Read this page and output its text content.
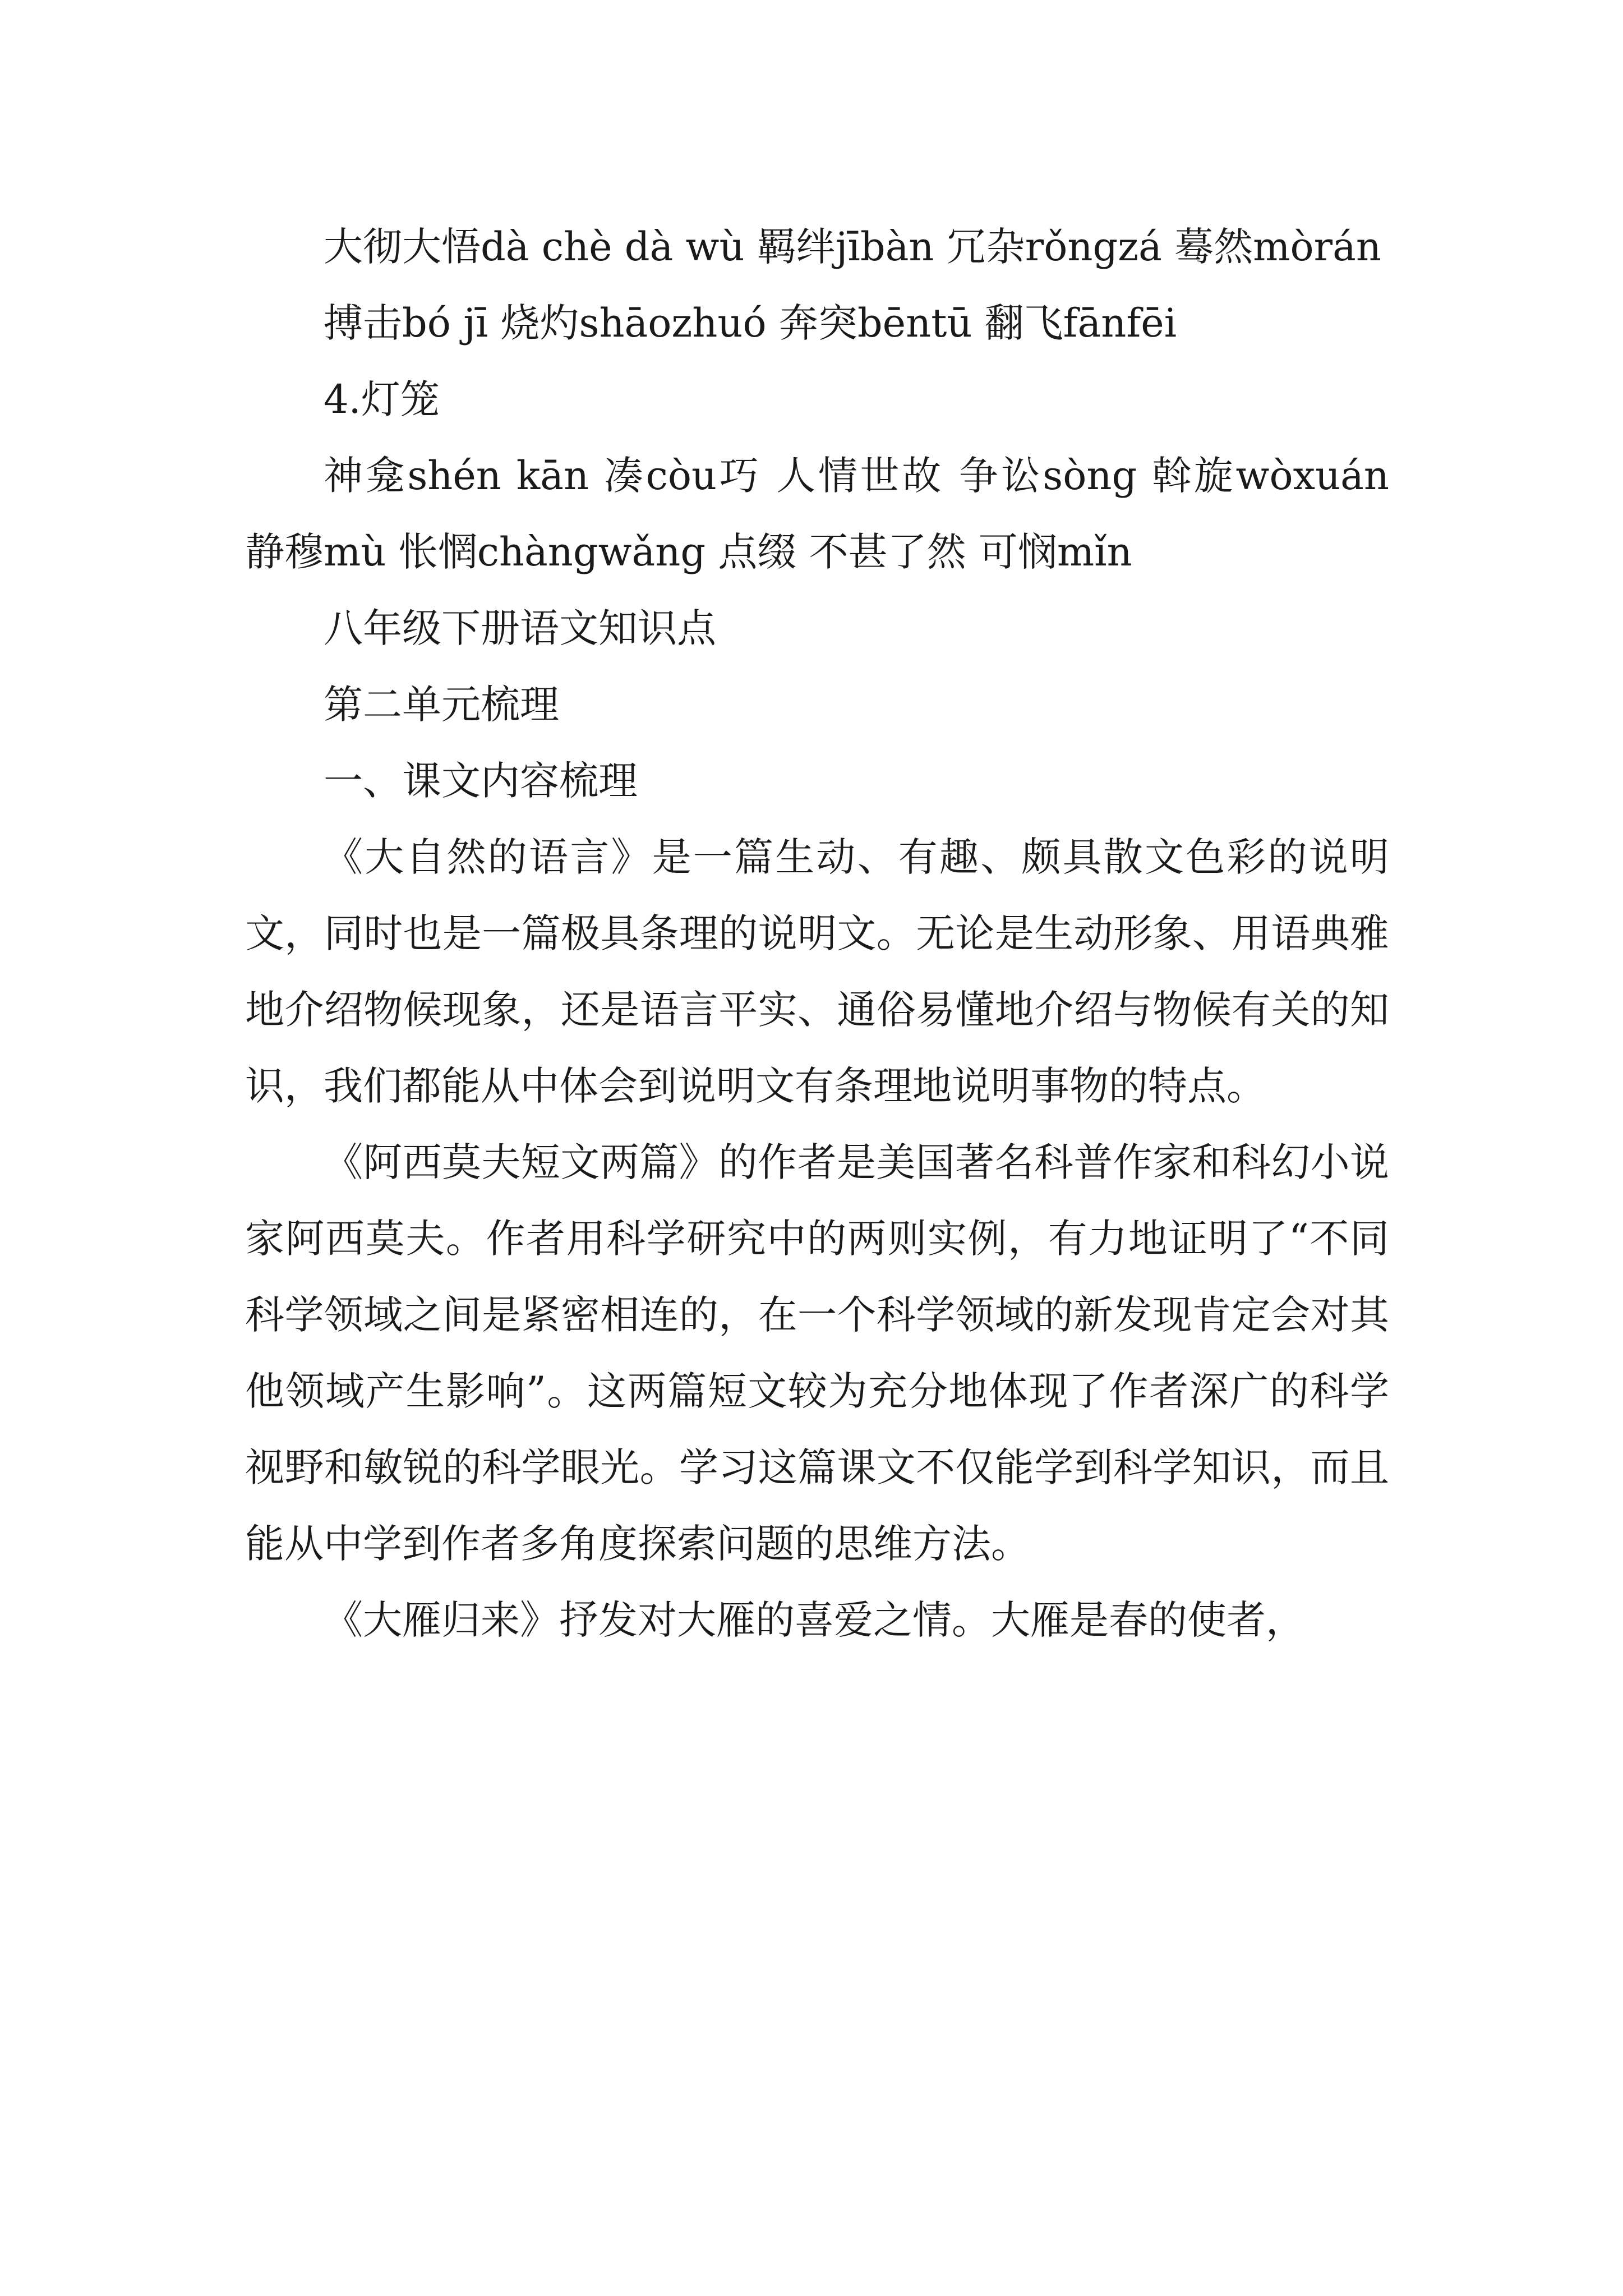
大彻大悟dà chè dà wù 羁绊jībàn 冗杂rǒngzá 蓦然mòrán

搏击bó jī 烧灼shāozhuó 奔突bēntū 翻飞fānfēi

4.灯笼

神龛shén kān 凑còu巧 人情世故 争讼sòng 斡旋wòxuán 静穆mù 怅惘chàngwǎng 点缀 不甚了然 可悯mǐn

八年级下册语文知识点

第二单元梳理

一、课文内容梳理

《大自然的语言》是一篇生动、有趣、颇具散文色彩的说明文，同时也是一篇极具条理的说明文。无论是生动形象、用语典雅地介绍物候现象，还是语言平实、通俗易懂地介绍与物候有关的知识，我们都能从中体会到说明文有条理地说明事物的特点。

《阿西莫夫短文两篇》的作者是美国著名科普作家和科幻小说家阿西莫夫。作者用科学研究中的两则实例，有力地证明了“不同科学领域之间是紧密相连的，在一个科学领域的新发现肯定会对其他领域产生影响”。这两篇短文较为充分地体现了作者深广的科学视野和敏锐的科学眼光。学习这篇课文不仅能学到科学知识，而且能从中学到作者多角度探索问题的思维方法。

《大雁归来》抒发对大雁的喜爱之情。大雁是春的使者，
